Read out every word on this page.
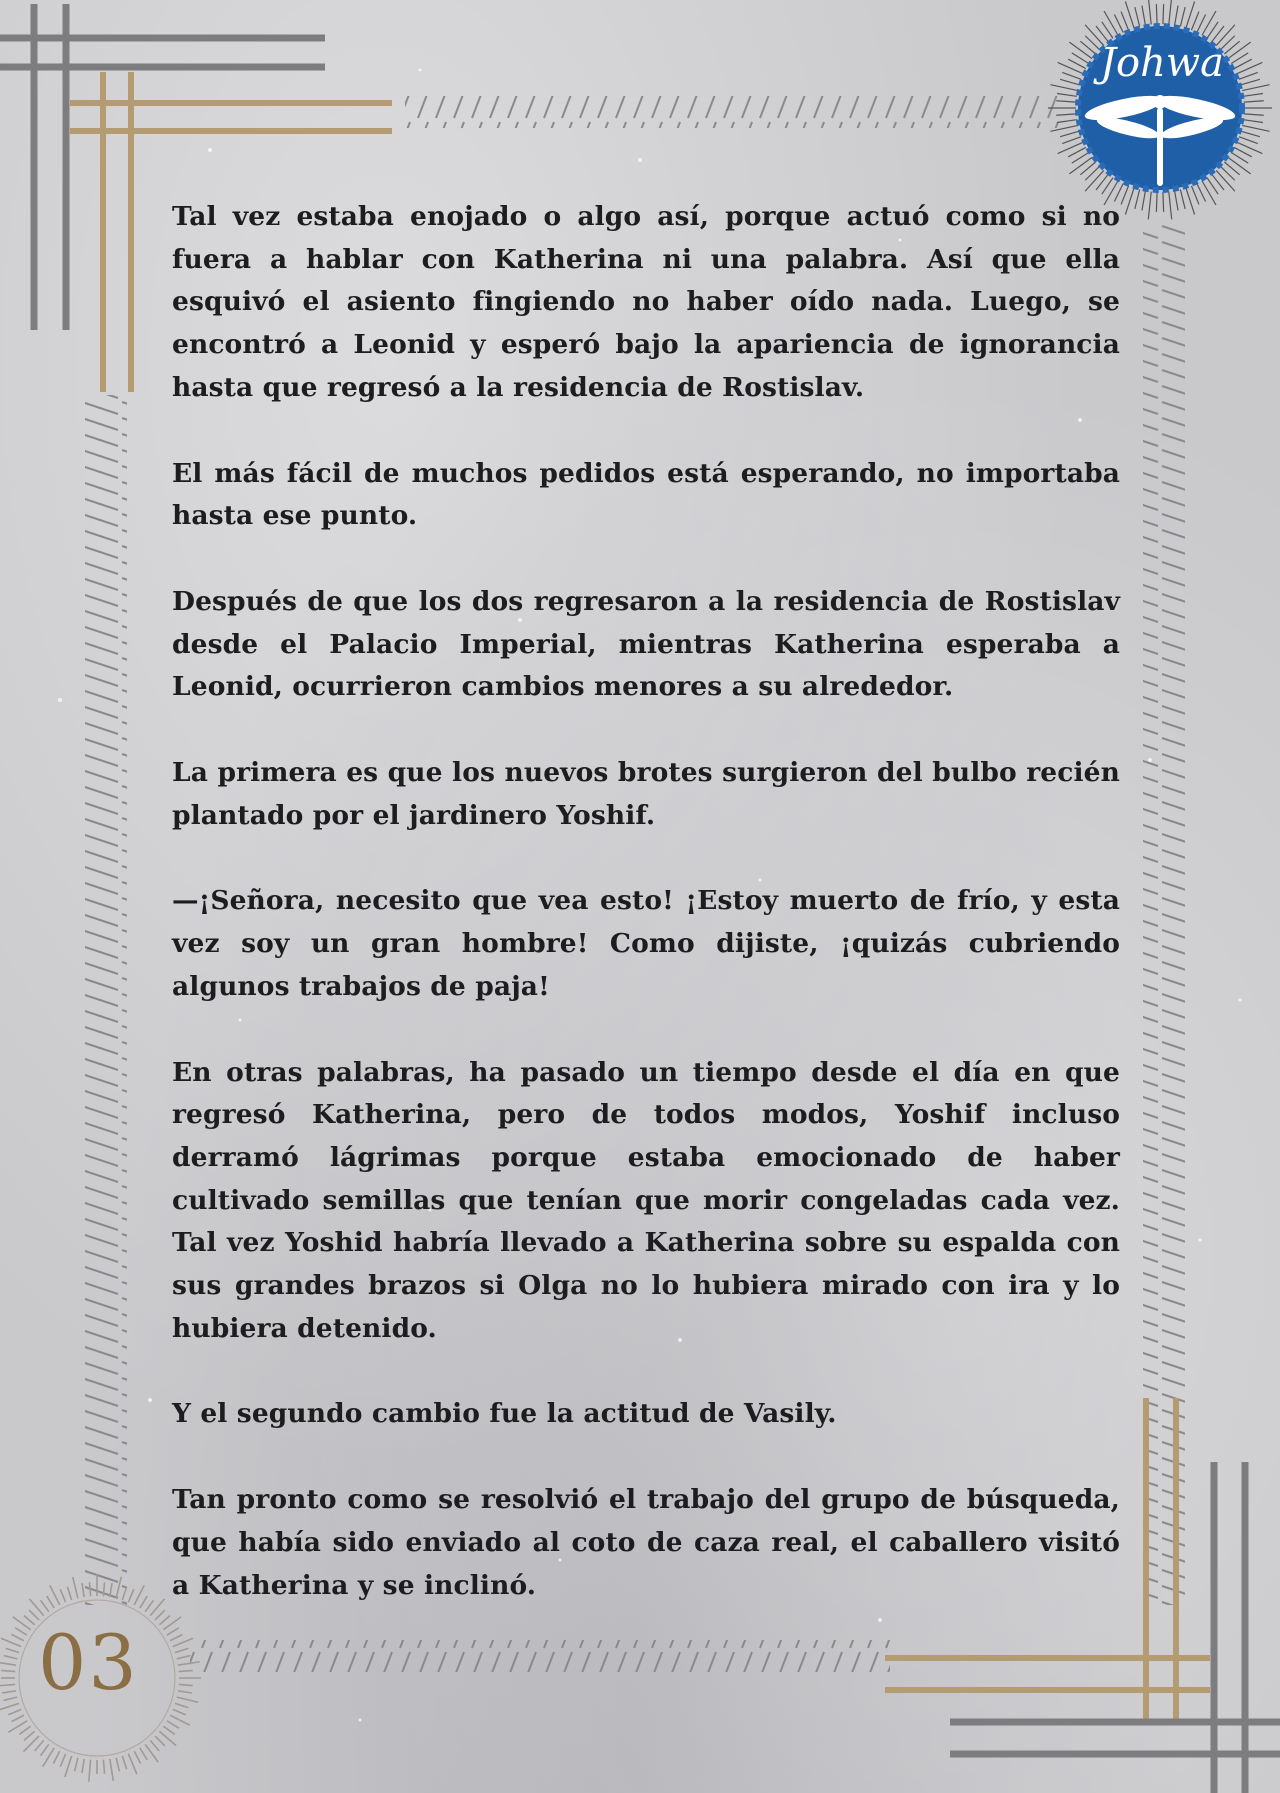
Johwa

Tal vez estaba enojado o algo así, porque actuó como si no fuera a hablar con Katherina ni una palabra. Así que ella esquivó el asiento fingiendo no haber oído nada. Luego, se encontró a Leonid y esperó bajo la apariencia de ignorancia hasta que regresó a la residencia de Rostislav.

El más fácil de muchos pedidos está esperando, no importaba hasta ese punto.

Después de que los dos regresaron a la residencia de Rostislav desde el Palacio Imperial, mientras Katherina esperaba a Leonid, ocurrieron cambios menores a su alrededor.

La primera es que los nuevos brotes surgieron del bulbo recién plantado por el jardinero Yoshif.

—¡Señora, necesito que vea esto! ¡Estoy muerto de frío, y esta vez soy un gran hombre! Como dijiste, ¡quizás cubriendo algunos trabajos de paja!

En otras palabras, ha pasado un tiempo desde el día en que regresó Katherina, pero de todos modos, Yoshif incluso derramó lágrimas porque estaba emocionado de haber cultivado semillas que tenían que morir congeladas cada vez. Tal vez Yoshid habría llevado a Katherina sobre su espalda con sus grandes brazos si Olga no lo hubiera mirado con ira y lo hubiera detenido.

Y el segundo cambio fue la actitud de Vasily.

Tan pronto como se resolvió el trabajo del grupo de búsqueda, que había sido enviado al coto de caza real, el caballero visitó a Katherina y se inclinó.

03
